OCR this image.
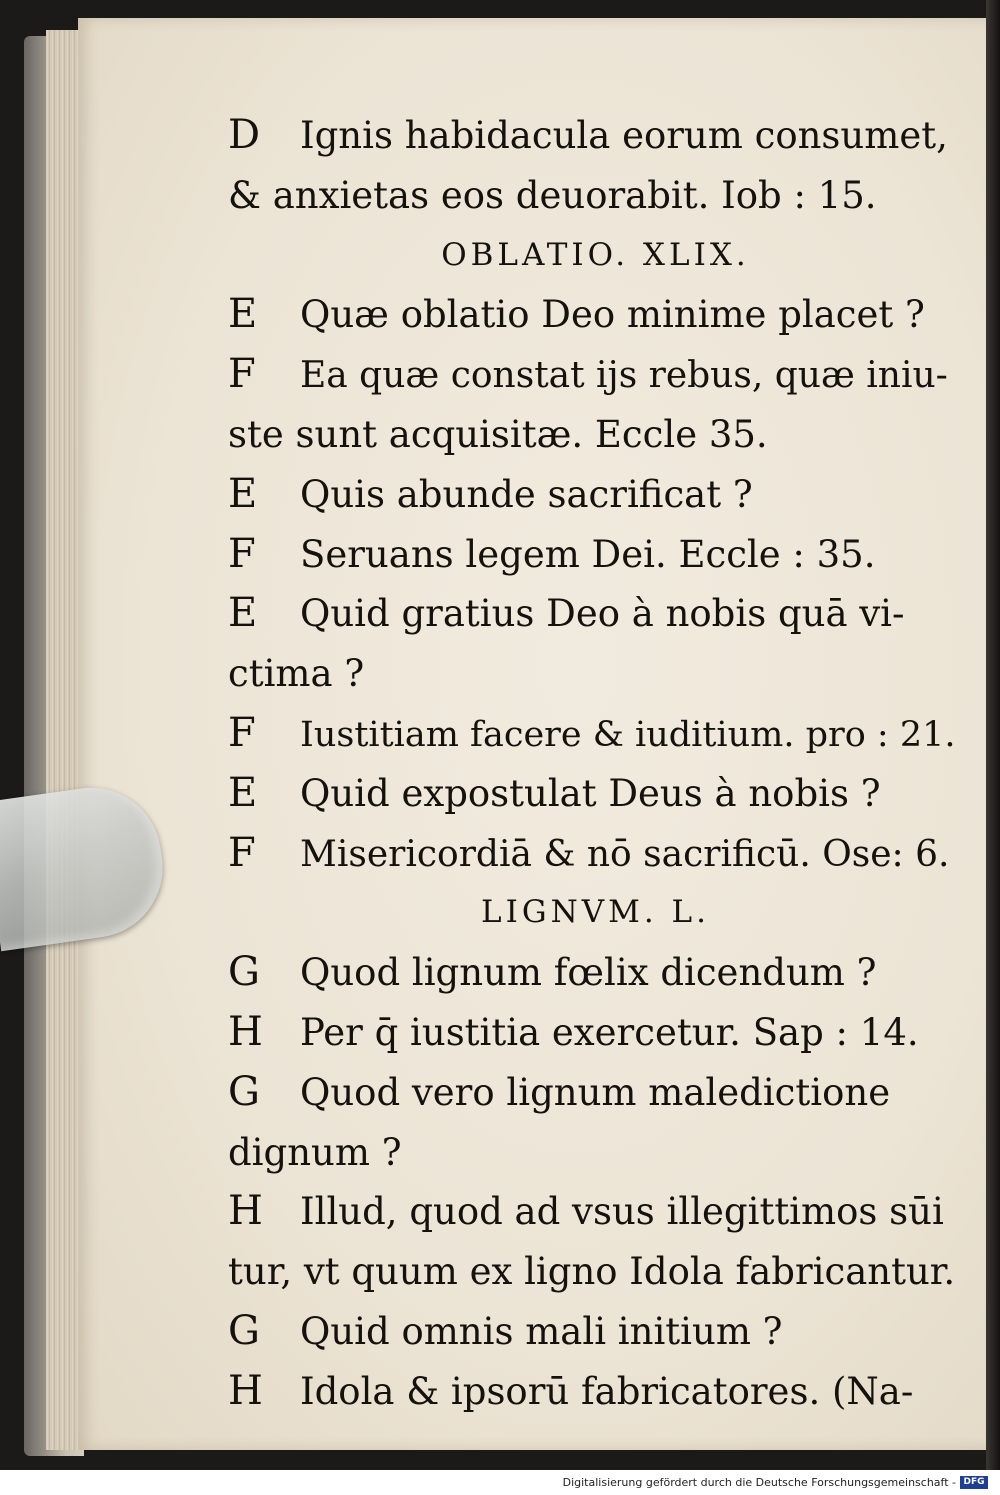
D Ignis habidacula eorum consumet,
& anxietas eos deuorabit. Iob : 15.
OBLATIO. XLIX.
E Quæ oblatio Deo minime placet ?
F Ea quæ constat ijs rebus, quæ iniu-
ste sunt acquisitæ. Eccle 35.
E Quis abunde sacrificat ?
F Seruans legem Dei. Eccle : 35.
E Quid gratius Deo à nobis quā vi-
ctima ?
F Iustitiam facere & iuditium. pro : 21.
E Quid expostulat Deus à nobis ?
F Misericordiā & nō sacrificū. Ose: 6.
LIGNVM. L.
G Quod lignum fœlix dicendum ?
H Per q̄ iustitia exercetur. Sap : 14.
G Quod vero lignum maledictione
dignum ?
H Illud, quod ad vsus illegittimos sūi
tur, vt quum ex ligno Idola fabricantur.
G Quid omnis mali initium ?
H Idola & ipsorū fabricatores. (Na-
Digitalisierung gefördert durch die Deutsche Forschungsgemeinschaft - DFG
